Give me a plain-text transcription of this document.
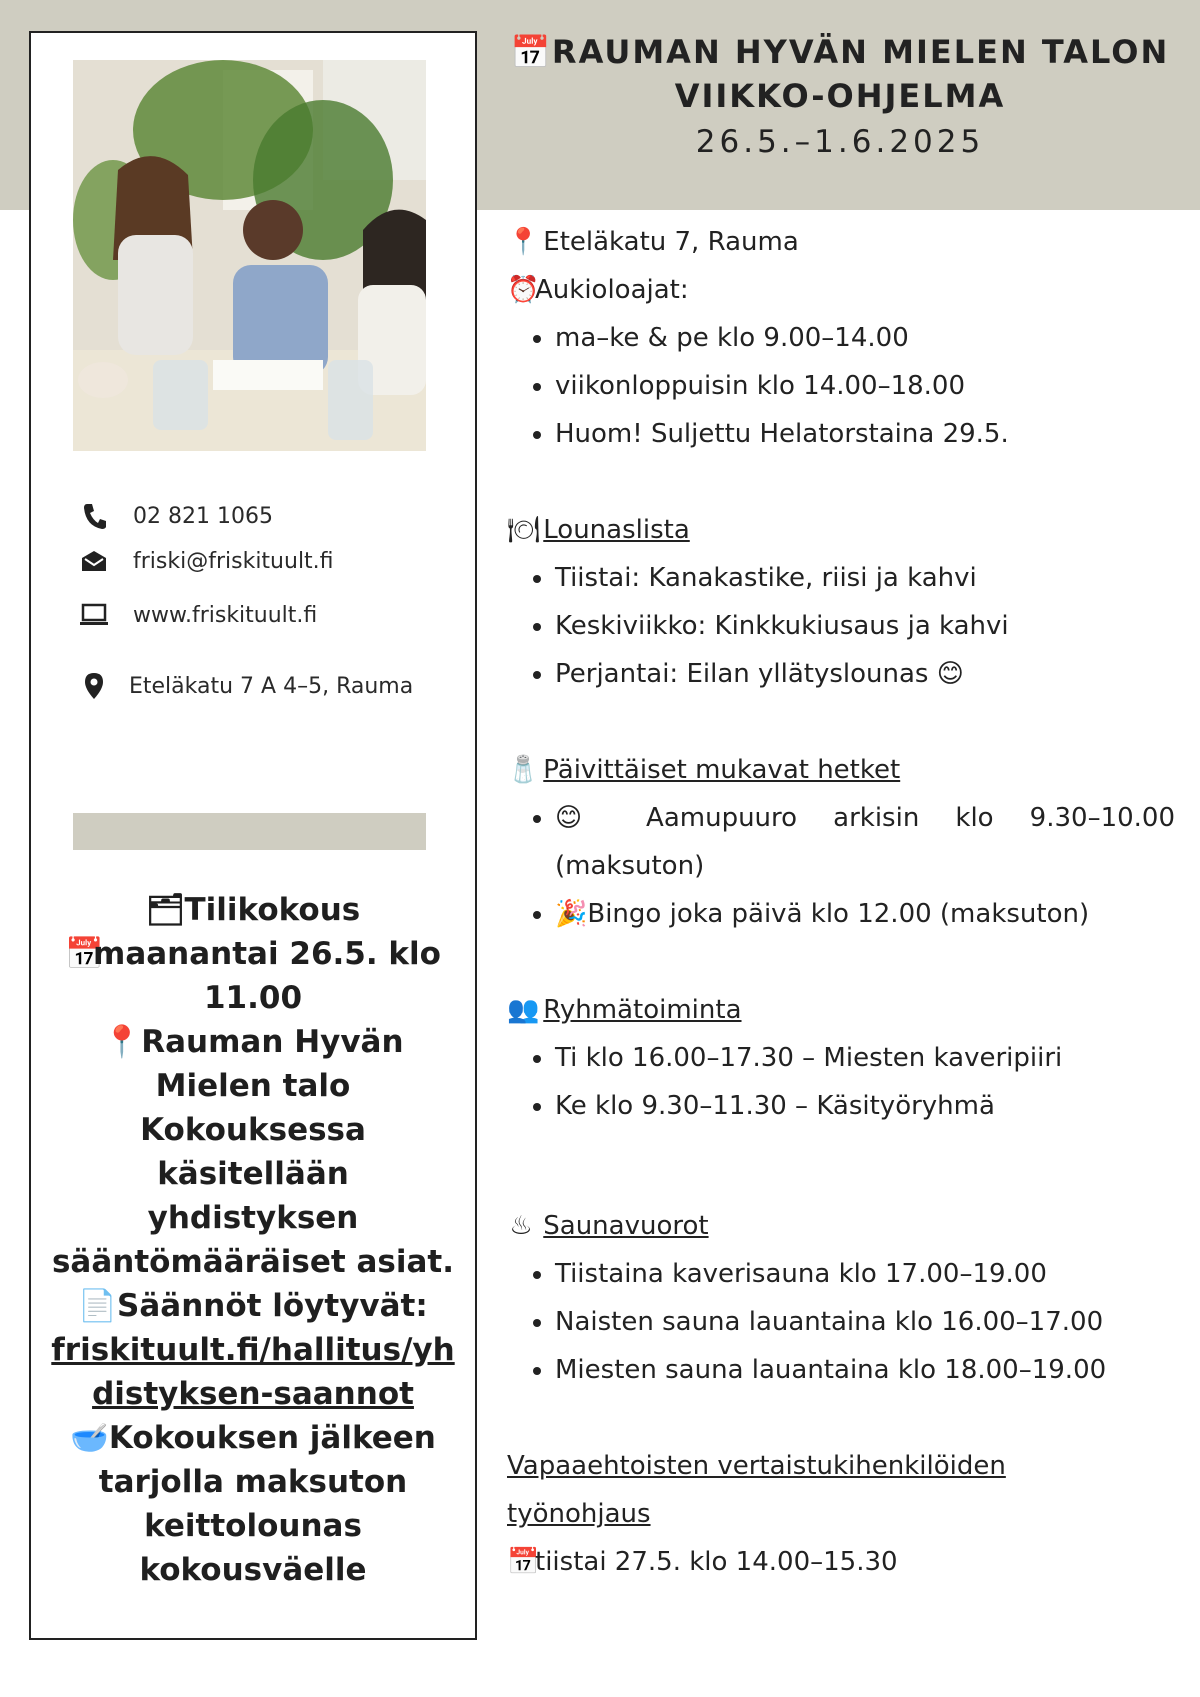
02 821 1065
friski@friskituult.fi
www.friskituult.fi
Eteläkatu 7 A 4–5, Rauma
🗂 Tilikokous
📅maanantai 26.5. klo 11.00
📍 Rauman Hyvän Mielen talo
Kokouksessa käsitellään yhdistyksen sääntömääräiset asiat.
📄 Säännöt löytyvät:
friskituult.fi/hallitus/yhdistyksen-saannot
🥣 Kokouksen jälkeen tarjolla maksuton keittolounas kokousväelle
📅 RAUMAN HYVÄN MIELEN TALON
VIIKKO-OHJELMA
26.5.–1.6.2025
📍 Eteläkatu 7, Rauma
⏰Aukioloajat:
• ma–ke & pe klo 9.00–14.00
• viikonloppuisin klo 14.00–18.00
• Huom! Suljettu Helatorstaina 29.5.
🍽 Lounaslista
• Tiistai: Kanakastike, riisi ja kahvi
• Keskiviikko: Kinkkukiusaus ja kahvi
• Perjantai: Eilan yllätyslounas 😊
🧂 Päivittäiset mukavat hetket
• 😊 Aamupuuro arkisin klo 9.30–10.00 (maksuton)
• 🎉Bingo joka päivä klo 12.00 (maksuton)
👥 Ryhmätoiminta
• Ti klo 16.00–17.30 – Miesten kaveripiiri
• Ke klo 9.30–11.30 – Käsityöryhmä
♨ Saunavuorot
• Tiistaina kaverisauna klo 17.00–19.00
• Naisten sauna lauantaina klo 16.00–17.00
• Miesten sauna lauantaina klo 18.00–19.00
Vapaaehtoisten vertaistukihenkilöiden työnohjaus
📅tiistai 27.5. klo 14.00–15.30
